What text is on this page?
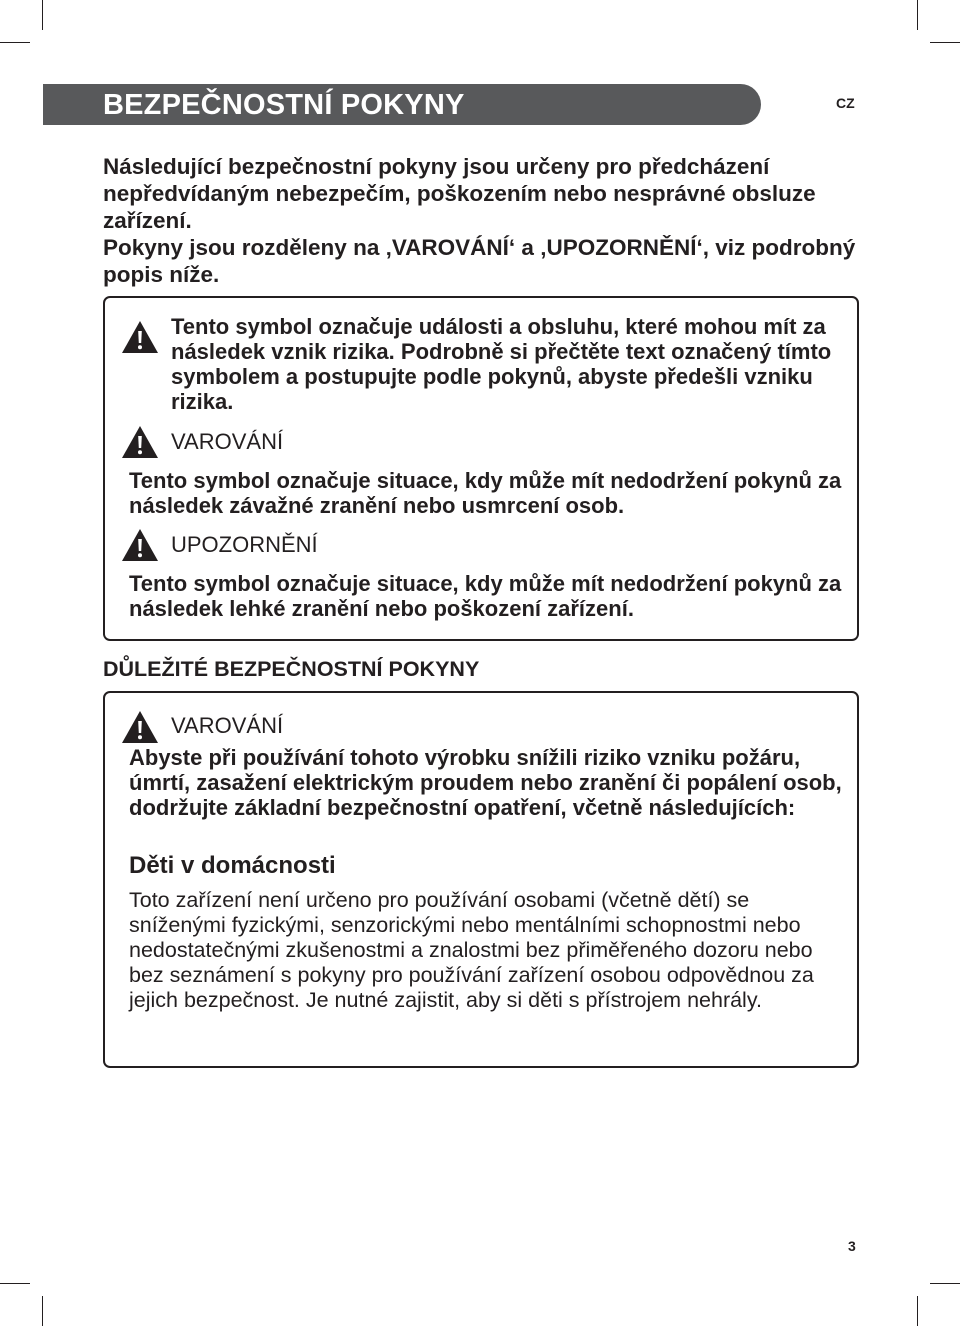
BEZPEČNOSTNÍ POKYNY	CZ

Následující bezpečnostní pokyny jsou určeny pro předcházení nepředvídaným nebezpečím, poškozením nebo nesprávné obsluze zařízení.

Pokyny jsou rozděleny na ‚VAROVÁNÍ‘ a ‚UPOZORNĚNÍ‘, viz podrobný popis níže.

Tento symbol označuje události a obsluhu, které mohou mít za následek vznik rizika. Podrobně si přečtěte text označený tímto symbolem a postupujte podle pokynů, abyste předešli vzniku rizika.
VAROVÁNÍ
Tento symbol označuje situace, kdy může mít nedodržení pokynů za následek závažné zranění nebo usmrcení osob.
UPOZORNĚNÍ
Tento symbol označuje situace, kdy může mít nedodržení pokynů za následek lehké zranění nebo poškození zařízení.
DŮLEŽITÉ BEZPEČNOSTNÍ POKYNY
VAROVÁNÍ
Abyste při používání tohoto výrobku snížili riziko vzniku požáru, úmrtí, zasažení elektrickým proudem nebo zranění či popálení osob, dodržujte základní bezpečnostní opatření, včetně následujících:
Děti v domácnosti
Toto zařízení není určeno pro používání osobami (včetně dětí) se sníženými fyzickými, senzorickými nebo mentálními schopnostmi nebo nedostatečnými zkušenostmi a znalostmi bez přiměřeného dozoru nebo bez seznámení s pokyny pro používání zařízení osobou odpovědnou za jejich bezpečnost. Je nutné zajistit, aby si děti s přístrojem nehrály.
3
